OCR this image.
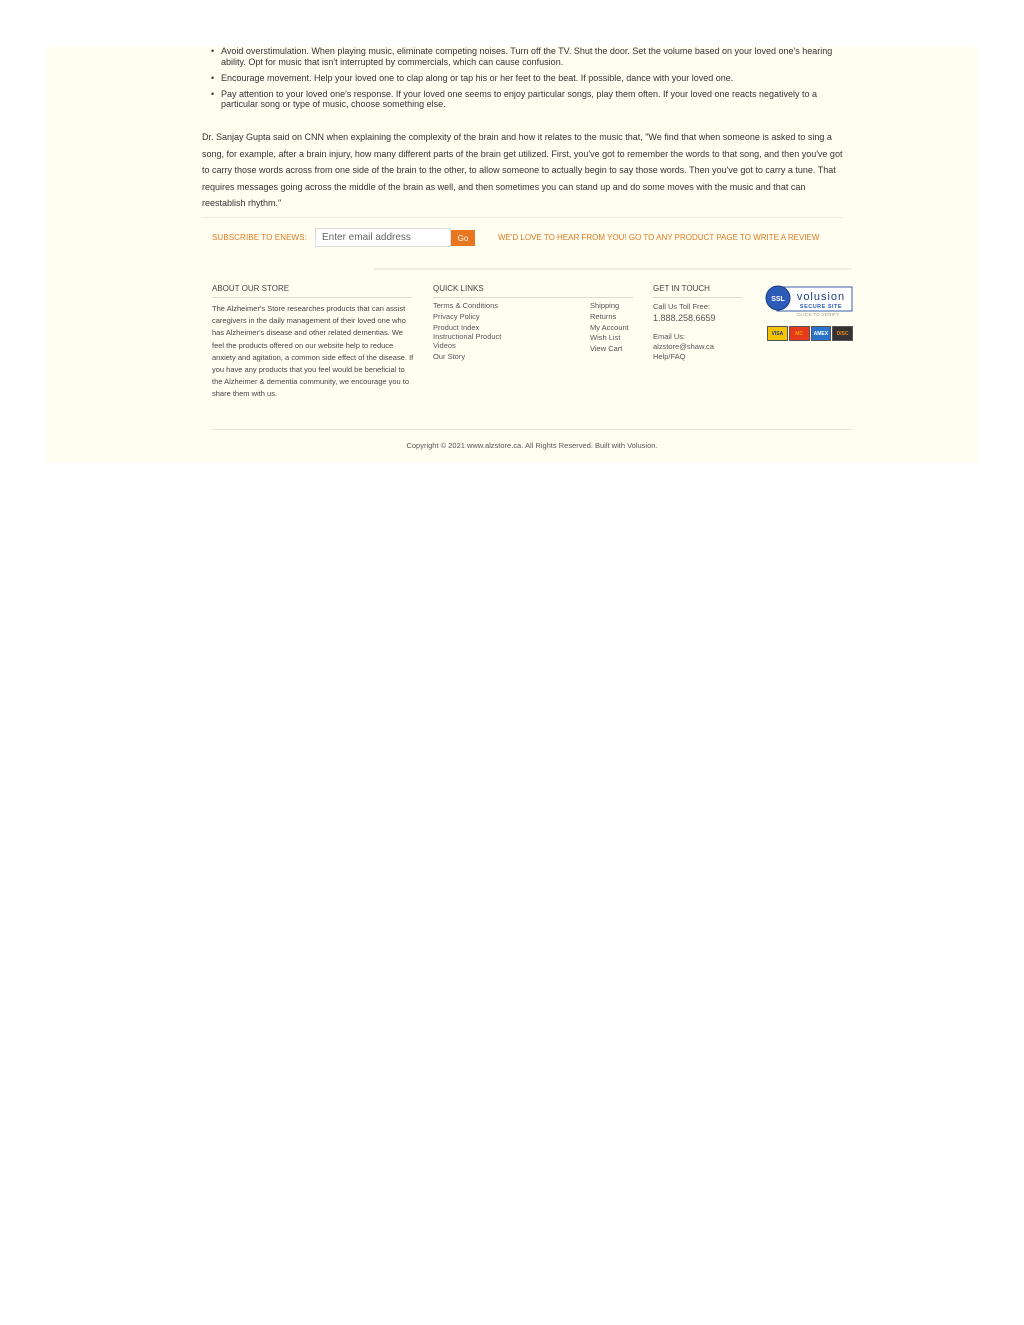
• Avoid overstimulation. When playing music, eliminate competing noises. Turn off the TV. Shut the door. Set the volume based on your loved one's hearing ability. Opt for music that isn't interrupted by commercials, which can cause confusion.
• Encourage movement. Help your loved one to clap along or tap his or her feet to the beat. If possible, dance with your loved one.
• Pay attention to your loved one's response. If your loved one seems to enjoy particular songs, play them often. If your loved one reacts negatively to a particular song or type of music, choose something else.

Dr. Sanjay Gupta said on CNN when explaining the complexity of the brain and how it relates to the music that, "We find that when someone is asked to sing a song, for example, after a brain injury, how many different parts of the brain get utilized. First, you've got to remember the words to that song, and then you've got to carry those words across from one side of the brain to the other, to allow someone to actually begin to say those words. Then you've got to carry a tune. That requires messages going across the middle of the brain as well, and then sometimes you can stand up and do some moves with the music and that can reestablish rhythm."

SUBSCRIBE TO ENEWS:
Enter email address	Go	WE'D LOVE TO HEAR FROM YOU! GO TO ANY PRODUCT PAGE TO WRITE A REVIEW
ABOUT OUR STORE
The Alzheimer's Store researches products that can assist caregivers in the daily management of their loved one who has Alzheimer's disease and other related dementias. We feel the products offered on our website help to reduce anxiety and agitation, a common side effect of the disease. If you have any products that you feel would be beneficial to the Alzheimer & dementia community, we encourage you to share them with us.
QUICK LINKS
Terms & Conditions
Privacy Policy
Product Index
Instructional Product Videos
Our Story
Shipping
Returns
My Account
Wish List
View Cart
GET IN TOUCH
Call Us Toll Free:
1.888.258.6659
Email Us:
alzstore@shaw.ca
Help/FAQ
SSL volusion
SECURE SITE
CLICK TO VERIFY
VISA	MC	AMEX	DISC
Copyright © 2021 www.alzstore.ca. All Rights Reserved. Built with Volusion.
